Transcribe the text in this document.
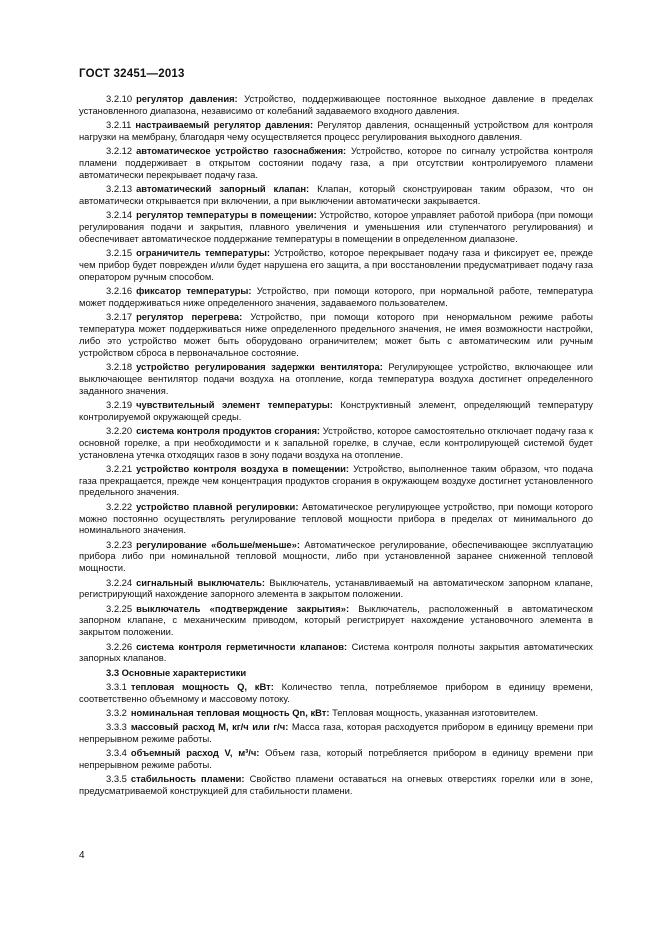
ГОСТ 32451—2013

3.2.10 регулятор давления: Устройство, поддерживающее постоянное выходное давление в пределах установленного диапазона, независимо от колебаний задаваемого входного давления.

3.2.11 настраиваемый регулятор давления: Регулятор давления, оснащенный устройством для контроля нагрузки на мембрану, благодаря чему осуществляется процесс регулирования выходного давления.

3.2.12 автоматическое устройство газоснабжения: Устройство, которое по сигналу устройства контроля пламени поддерживает в открытом состоянии подачу газа, а при отсутствии контролируемого пламени автоматически перекрывает подачу газа.

3.2.13 автоматический запорный клапан: Клапан, который сконструирован таким образом, что он автоматически открывается при включении, а при выключении автоматически закрывается.

3.2.14 регулятор температуры в помещении: Устройство, которое управляет работой прибора (при помощи регулирования подачи и закрытия, плавного увеличения и уменьшения или ступенчатого регулирования) и обеспечивает автоматическое поддержание температуры в помещении в определенном диапазоне.

3.2.15 ограничитель температуры: Устройство, которое перекрывает подачу газа и фиксирует ее, прежде чем прибор будет поврежден и/или будет нарушена его защита, а при восстановлении предусматривает подачу газа оператором ручным способом.

3.2.16 фиксатор температуры: Устройство, при помощи которого, при нормальной работе, температура может поддерживаться ниже определенного значения, задаваемого пользователем.

3.2.17 регулятор перегрева: Устройство, при помощи которого при ненормальном режиме работы температура может поддерживаться ниже определенного предельного значения, не имея возможности настройки, либо это устройство может быть оборудовано ограничителем; может быть с автоматическим или ручным устройством сброса в первоначальное состояние.

3.2.18 устройство регулирования задержки вентилятора: Регулирующее устройство, включающее или выключающее вентилятор подачи воздуха на отопление, когда температура воздуха достигнет определенного заданного значения.

3.2.19 чувствительный элемент температуры: Конструктивный элемент, определяющий температуру контролируемой окружающей среды.

3.2.20 система контроля продуктов сгорания: Устройство, которое самостоятельно отключает подачу газа к основной горелке, а при необходимости и к запальной горелке, в случае, если контролирующей системой будет установлена утечка отходящих газов в зону подачи воздуха на отопление.

3.2.21 устройство контроля воздуха в помещении: Устройство, выполненное таким образом, что подача газа прекращается, прежде чем концентрация продуктов сгорания в окружающем воздухе достигнет установленного предельного значения.

3.2.22 устройство плавной регулировки: Автоматическое регулирующее устройство, при помощи которого можно постоянно осуществлять регулирование тепловой мощности прибора в пределах от минимального до номинального значения.

3.2.23 регулирование «больше/меньше»: Автоматическое регулирование, обеспечивающее эксплуатацию прибора либо при номинальной тепловой мощности, либо при установленной заранее сниженной тепловой мощности.

3.2.24 сигнальный выключатель: Выключатель, устанавливаемый на автоматическом запорном клапане, регистрирующий нахождение запорного элемента в закрытом положении.

3.2.25 выключатель «подтверждение закрытия»: Выключатель, расположенный в автоматическом запорном клапане, с механическим приводом, который регистрирует нахождение установочного элемента в закрытом положении.

3.2.26 система контроля герметичности клапанов: Система контроля полноты закрытия автоматических запорных клапанов.

3.3 Основные характеристики

3.3.1 тепловая мощность Q, кВт: Количество тепла, потребляемое прибором в единицу времени, соответственно объемному и массовому потоку.

3.3.2 номинальная тепловая мощность Qn, кВт: Тепловая мощность, указанная изготовителем.

3.3.3 массовый расход M, кг/ч или г/ч: Масса газа, которая расходуется прибором в единицу времени при непрерывном режиме работы.

3.3.4 объемный расход V, м³/ч: Объем газа, который потребляется прибором в единицу времени при непрерывном режиме работы.

3.3.5 стабильность пламени: Свойство пламени оставаться на огневых отверстиях горелки или в зоне, предусматриваемой конструкцией для стабильности пламени.

4
